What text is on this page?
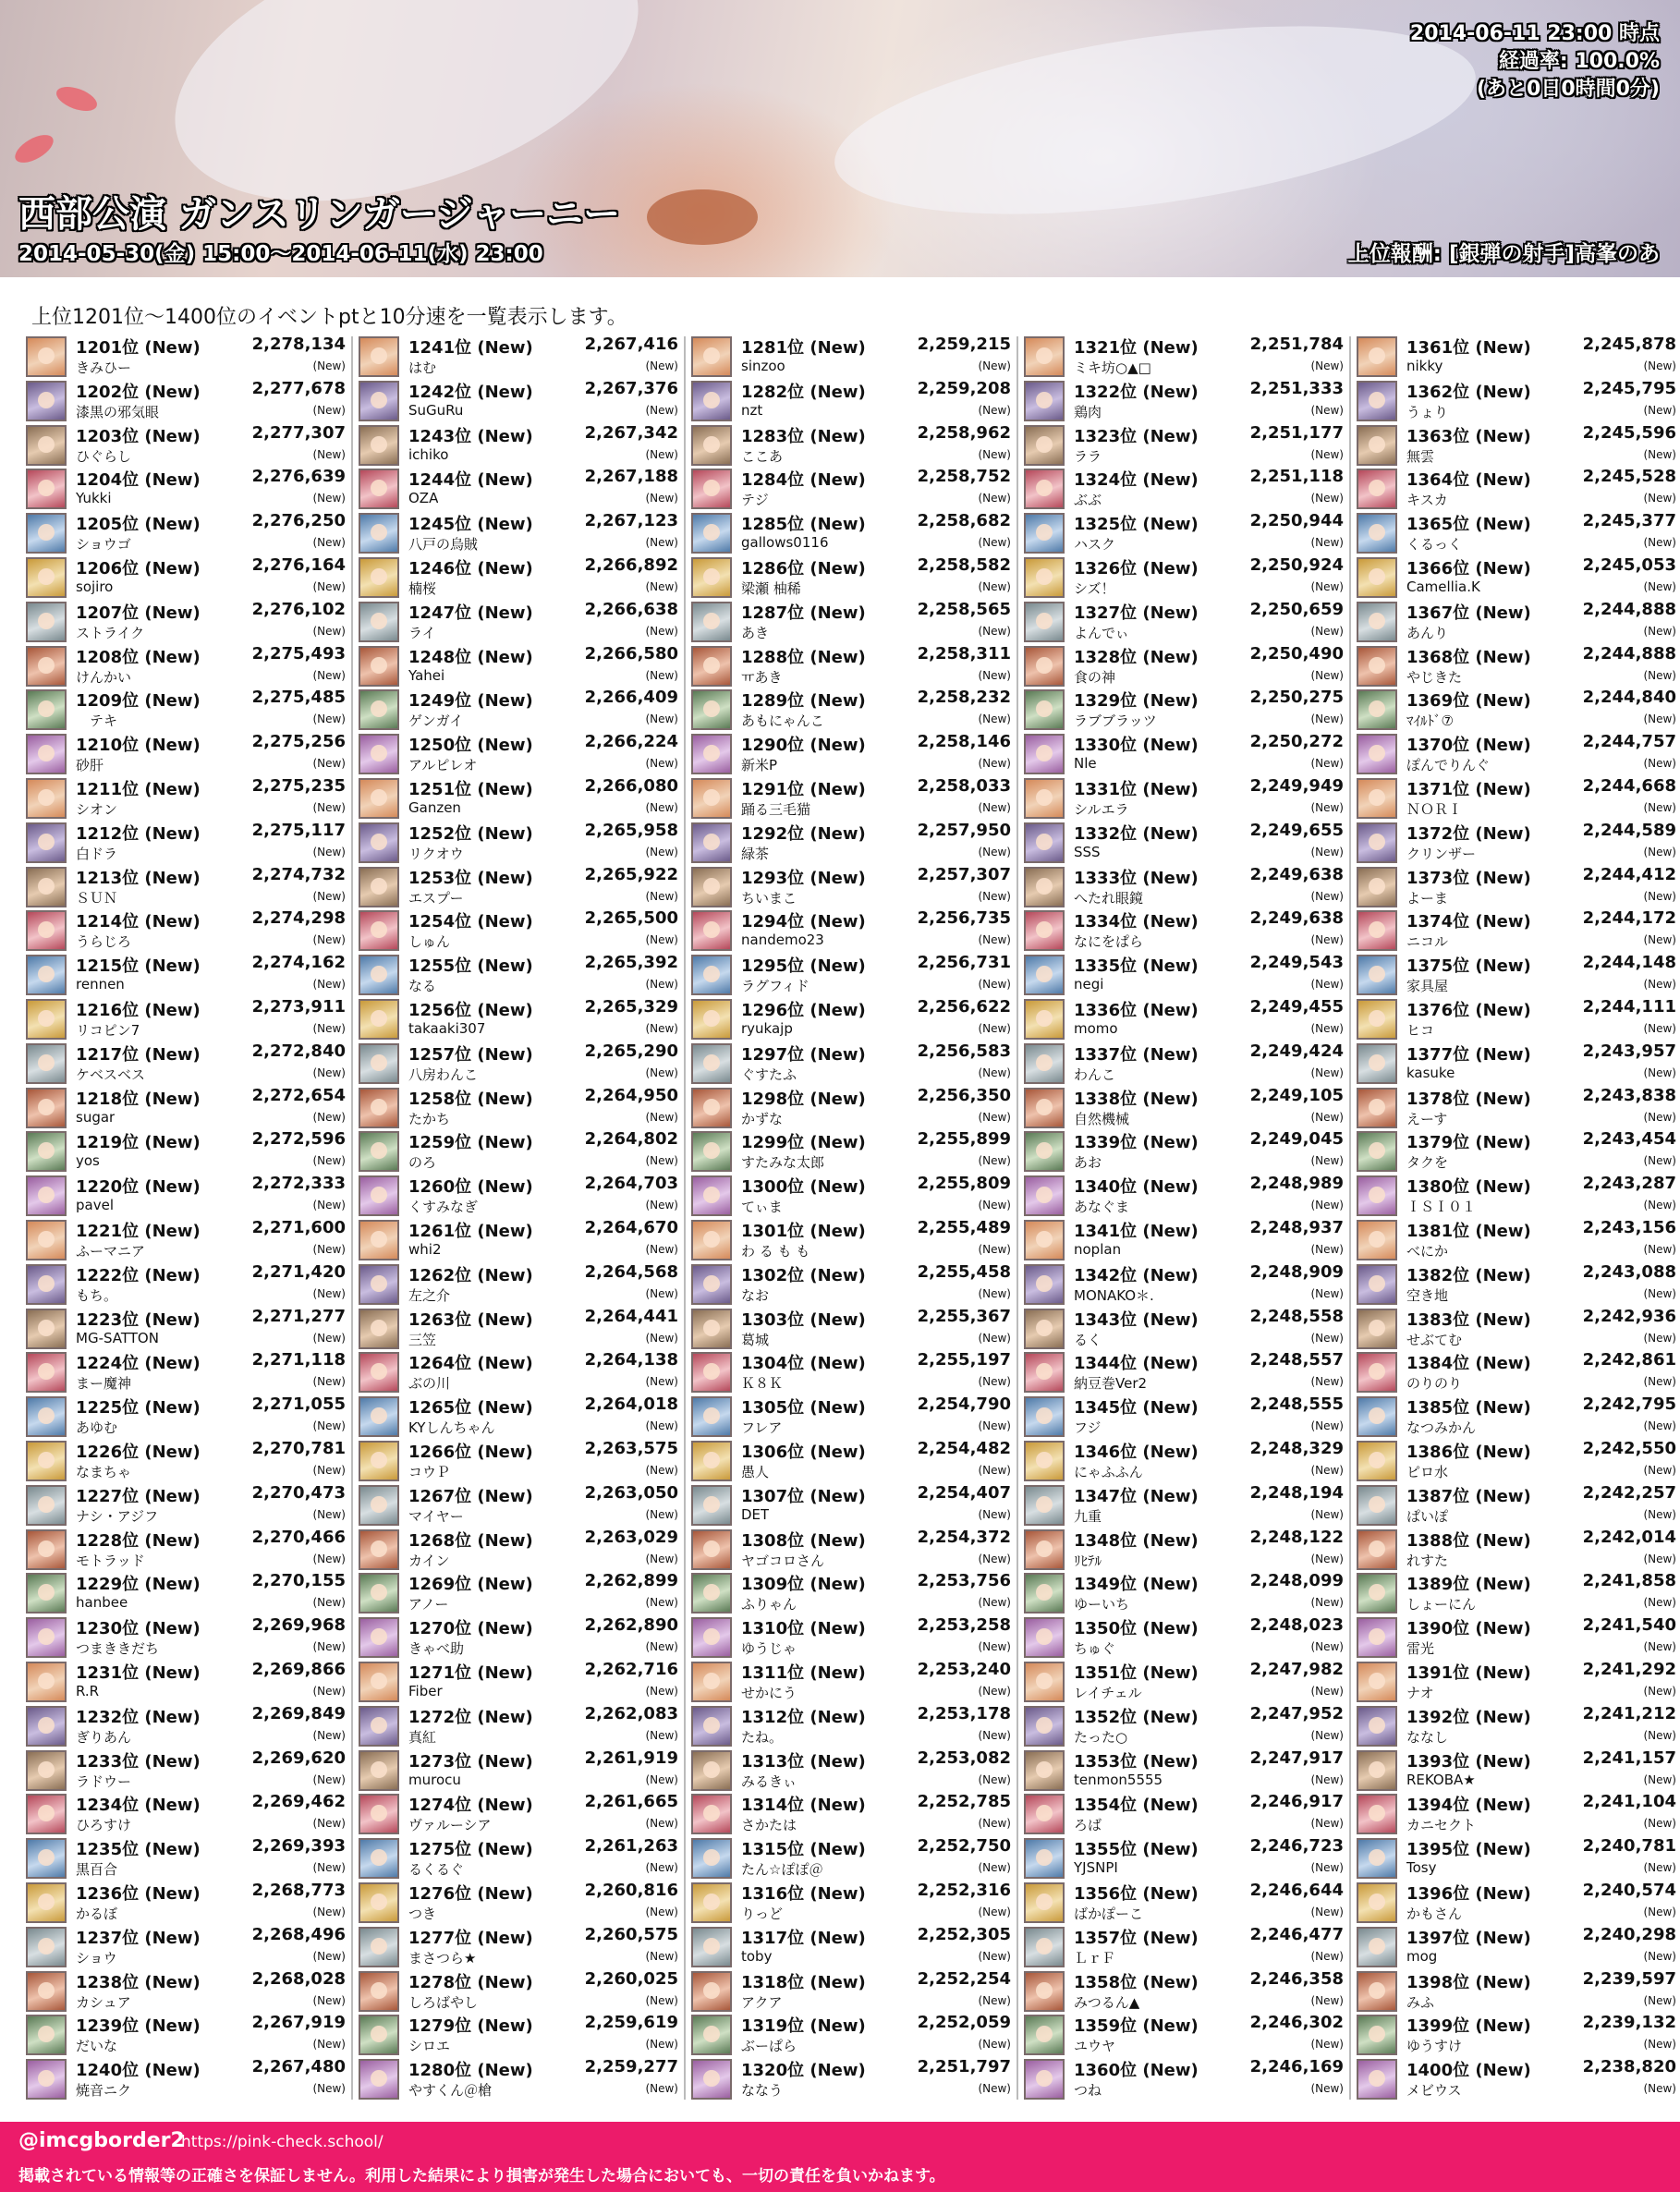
2014-06-11 23:00 時点
経過率: 100.0%
(あと0日0時間0分)
西部公演 ガンスリンガージャーニー
2014-05-30(金) 15:00～2014-06-11(水) 23:00	上位報酬: [銀弾の射手]高峯のあ
上位1201位～1400位のイベントptと10分速を一覧表示します。
1201位 (New)	2,278,134
きみひー	(New)
1202位 (New)	2,277,678
漆黒の邪気眼	(New)
1203位 (New)	2,277,307
ひぐらし	(New)
1204位 (New)	2,276,639
Yukki	(New)
1205位 (New)	2,276,250
ショウゴ	(New)
1206位 (New)	2,276,164
sojiro	(New)
1207位 (New)	2,276,102
ストライク	(New)
1208位 (New)	2,275,493
けんかい	(New)
1209位 (New)	2,275,485
　テキ	(New)
1210位 (New)	2,275,256
砂肝	(New)
1211位 (New)	2,275,235
シオン	(New)
1212位 (New)	2,275,117
白ドラ	(New)
1213位 (New)	2,274,732
ＳＵＮ	(New)
1214位 (New)	2,274,298
うらじろ	(New)
1215位 (New)	2,274,162
rennen	(New)
1216位 (New)	2,273,911
リコピン7	(New)
1217位 (New)	2,272,840
ケベスベス	(New)
1218位 (New)	2,272,654
sugar	(New)
1219位 (New)	2,272,596
yos	(New)
1220位 (New)	2,272,333
pavel	(New)
1221位 (New)	2,271,600
ふーマニア	(New)
1222位 (New)	2,271,420
もち。	(New)
1223位 (New)	2,271,277
MG-SATTON	(New)
1224位 (New)	2,271,118
まー魔神	(New)
1225位 (New)	2,271,055
あゆむ	(New)
1226位 (New)	2,270,781
なまちゃ	(New)
1227位 (New)	2,270,473
ナシ・アジフ	(New)
1228位 (New)	2,270,466
モトラッド	(New)
1229位 (New)	2,270,155
hanbee	(New)
1230位 (New)	2,269,968
つまききだち	(New)
1231位 (New)	2,269,866
R.R	(New)
1232位 (New)	2,269,849
ぎりあん	(New)
1233位 (New)	2,269,620
ラドウー	(New)
1234位 (New)	2,269,462
ひろすけ	(New)
1235位 (New)	2,269,393
黒百合	(New)
1236位 (New)	2,268,773
かるぼ	(New)
1237位 (New)	2,268,496
ショウ	(New)
1238位 (New)	2,268,028
カシュア	(New)
1239位 (New)	2,267,919
だいな	(New)
1240位 (New)	2,267,480
焼音ニク	(New)
1241位 (New)	2,267,416
はむ	(New)
1242位 (New)	2,267,376
SuGuRu	(New)
1243位 (New)	2,267,342
ichiko	(New)
1244位 (New)	2,267,188
OZA	(New)
1245位 (New)	2,267,123
八戸の烏賊	(New)
1246位 (New)	2,266,892
楠桜	(New)
1247位 (New)	2,266,638
ライ	(New)
1248位 (New)	2,266,580
Yahei	(New)
1249位 (New)	2,266,409
ゲンガイ	(New)
1250位 (New)	2,266,224
アルピレオ	(New)
1251位 (New)	2,266,080
Ganzen	(New)
1252位 (New)	2,265,958
リクオウ	(New)
1253位 (New)	2,265,922
エスプー	(New)
1254位 (New)	2,265,500
しゅん	(New)
1255位 (New)	2,265,392
なる	(New)
1256位 (New)	2,265,329
takaaki307	(New)
1257位 (New)	2,265,290
八房わんこ	(New)
1258位 (New)	2,264,950
たかち	(New)
1259位 (New)	2,264,802
のろ	(New)
1260位 (New)	2,264,703
くすみなぎ	(New)
1261位 (New)	2,264,670
whi2	(New)
1262位 (New)	2,264,568
左之介	(New)
1263位 (New)	2,264,441
三笠	(New)
1264位 (New)	2,264,138
ぶの川	(New)
1265位 (New)	2,264,018
KYしんちゃん	(New)
1266位 (New)	2,263,575
コウＰ	(New)
1267位 (New)	2,263,050
マイヤー	(New)
1268位 (New)	2,263,029
カイン	(New)
1269位 (New)	2,262,899
アノー	(New)
1270位 (New)	2,262,890
きゃべ助	(New)
1271位 (New)	2,262,716
Fiber	(New)
1272位 (New)	2,262,083
真紅	(New)
1273位 (New)	2,261,919
murocu	(New)
1274位 (New)	2,261,665
ヴァルーシア	(New)
1275位 (New)	2,261,263
るくるぐ	(New)
1276位 (New)	2,260,816
つき	(New)
1277位 (New)	2,260,575
まさつら★	(New)
1278位 (New)	2,260,025
しろばやし	(New)
1279位 (New)	2,259,619
シロエ	(New)
1280位 (New)	2,259,277
やすくん＠槍	(New)
1281位 (New)	2,259,215
sinzoo	(New)
1282位 (New)	2,259,208
nzt	(New)
1283位 (New)	2,258,962
ここあ	(New)
1284位 (New)	2,258,752
テジ	(New)
1285位 (New)	2,258,682
gallows0116	(New)
1286位 (New)	2,258,582
梁瀬 柚稀	(New)
1287位 (New)	2,258,565
あき	(New)
1288位 (New)	2,258,311
ㅠあき	(New)
1289位 (New)	2,258,232
あもにゃんこ	(New)
1290位 (New)	2,258,146
新米P	(New)
1291位 (New)	2,258,033
踊る三毛猫	(New)
1292位 (New)	2,257,950
緑茶	(New)
1293位 (New)	2,257,307
ちいまこ	(New)
1294位 (New)	2,256,735
nandemo23	(New)
1295位 (New)	2,256,731
ラグフィド	(New)
1296位 (New)	2,256,622
ryukajp	(New)
1297位 (New)	2,256,583
ぐすたふ	(New)
1298位 (New)	2,256,350
かずな	(New)
1299位 (New)	2,255,899
すたみな太郎	(New)
1300位 (New)	2,255,809
てぃま	(New)
1301位 (New)	2,255,489
わ る も も	(New)
1302位 (New)	2,255,458
なお	(New)
1303位 (New)	2,255,367
葛城	(New)
1304位 (New)	2,255,197
Ｋ８Ｋ	(New)
1305位 (New)	2,254,790
フレア	(New)
1306位 (New)	2,254,482
愚人	(New)
1307位 (New)	2,254,407
DET	(New)
1308位 (New)	2,254,372
ヤゴコロさん	(New)
1309位 (New)	2,253,756
ふりゃん	(New)
1310位 (New)	2,253,258
ゆうじゃ	(New)
1311位 (New)	2,253,240
せかにう	(New)
1312位 (New)	2,253,178
たね。	(New)
1313位 (New)	2,253,082
みるきぃ	(New)
1314位 (New)	2,252,785
さかたは	(New)
1315位 (New)	2,252,750
たん☆ぽぽ＠	(New)
1316位 (New)	2,252,316
りっど	(New)
1317位 (New)	2,252,305
toby	(New)
1318位 (New)	2,252,254
アクア	(New)
1319位 (New)	2,252,059
ぶーぱら	(New)
1320位 (New)	2,251,797
ななう	(New)
1321位 (New)	2,251,784
ミキ坊○▲□	(New)
1322位 (New)	2,251,333
鶏肉	(New)
1323位 (New)	2,251,177
ララ	(New)
1324位 (New)	2,251,118
ぶぶ	(New)
1325位 (New)	2,250,944
ハスク	(New)
1326位 (New)	2,250,924
シズ！	(New)
1327位 (New)	2,250,659
よんでぃ	(New)
1328位 (New)	2,250,490
食の神	(New)
1329位 (New)	2,250,275
ラブブラッツ	(New)
1330位 (New)	2,250,272
Nle	(New)
1331位 (New)	2,249,949
シルエラ	(New)
1332位 (New)	2,249,655
SSS	(New)
1333位 (New)	2,249,638
へたれ眼鏡	(New)
1334位 (New)	2,249,638
なにをぱら	(New)
1335位 (New)	2,249,543
negi	(New)
1336位 (New)	2,249,455
momo	(New)
1337位 (New)	2,249,424
わんこ	(New)
1338位 (New)	2,249,105
自然機械	(New)
1339位 (New)	2,249,045
あお	(New)
1340位 (New)	2,248,989
あなぐま	(New)
1341位 (New)	2,248,937
noplan	(New)
1342位 (New)	2,248,909
MONAKO＊.	(New)
1343位 (New)	2,248,558
るく	(New)
1344位 (New)	2,248,557
納豆巻Ver2	(New)
1345位 (New)	2,248,555
フジ	(New)
1346位 (New)	2,248,329
にゃふふん	(New)
1347位 (New)	2,248,194
九重	(New)
1348位 (New)	2,248,122
ﾘﾋﾃﾙ	(New)
1349位 (New)	2,248,099
ゆーいち	(New)
1350位 (New)	2,248,023
ちゅぐ	(New)
1351位 (New)	2,247,982
レイチェル	(New)
1352位 (New)	2,247,952
たった○	(New)
1353位 (New)	2,247,917
tenmon5555	(New)
1354位 (New)	2,246,917
ろば	(New)
1355位 (New)	2,246,723
YJSNPI	(New)
1356位 (New)	2,246,644
ばかぽーこ	(New)
1357位 (New)	2,246,477
ＬｒＦ	(New)
1358位 (New)	2,246,358
みつるん▲	(New)
1359位 (New)	2,246,302
ユウヤ	(New)
1360位 (New)	2,246,169
つね	(New)
1361位 (New)	2,245,878
nikky	(New)
1362位 (New)	2,245,795
うょり	(New)
1363位 (New)	2,245,596
無雲	(New)
1364位 (New)	2,245,528
キスカ	(New)
1365位 (New)	2,245,377
くるっく	(New)
1366位 (New)	2,245,053
Camellia.K	(New)
1367位 (New)	2,244,888
あんり	(New)
1368位 (New)	2,244,888
やじきた	(New)
1369位 (New)	2,244,840
ﾏｲﾙﾄﾞ⑦	(New)
1370位 (New)	2,244,757
ぽんでりんぐ	(New)
1371位 (New)	2,244,668
ＮＯＲＩ	(New)
1372位 (New)	2,244,589
クリンザー	(New)
1373位 (New)	2,244,412
よーま	(New)
1374位 (New)	2,244,172
ニコル	(New)
1375位 (New)	2,244,148
家具屋	(New)
1376位 (New)	2,244,111
ヒコ	(New)
1377位 (New)	2,243,957
kasuke	(New)
1378位 (New)	2,243,838
えーす	(New)
1379位 (New)	2,243,454
タクを	(New)
1380位 (New)	2,243,287
ＩＳＩ０１	(New)
1381位 (New)	2,243,156
べにか	(New)
1382位 (New)	2,243,088
空き地	(New)
1383位 (New)	2,242,936
せぶてむ	(New)
1384位 (New)	2,242,861
のりのり	(New)
1385位 (New)	2,242,795
なつみかん	(New)
1386位 (New)	2,242,550
ピロ水	(New)
1387位 (New)	2,242,257
ぱいぽ	(New)
1388位 (New)	2,242,014
れすた	(New)
1389位 (New)	2,241,858
しょーにん	(New)
1390位 (New)	2,241,540
雷光	(New)
1391位 (New)	2,241,292
ナオ	(New)
1392位 (New)	2,241,212
ななし	(New)
1393位 (New)	2,241,157
REKOBA★	(New)
1394位 (New)	2,241,104
カニセクト	(New)
1395位 (New)	2,240,781
Tosy	(New)
1396位 (New)	2,240,574
かもさん	(New)
1397位 (New)	2,240,298
mog	(New)
1398位 (New)	2,239,597
みふ	(New)
1399位 (New)	2,239,132
ゆうすけ	(New)
1400位 (New)	2,238,820
メビウス	(New)
@imcgborder2
https://pink-check.school/
掲載されている情報等の正確さを保証しません。利用した結果により損害が発生した場合においても、一切の責任を負いかねます。
